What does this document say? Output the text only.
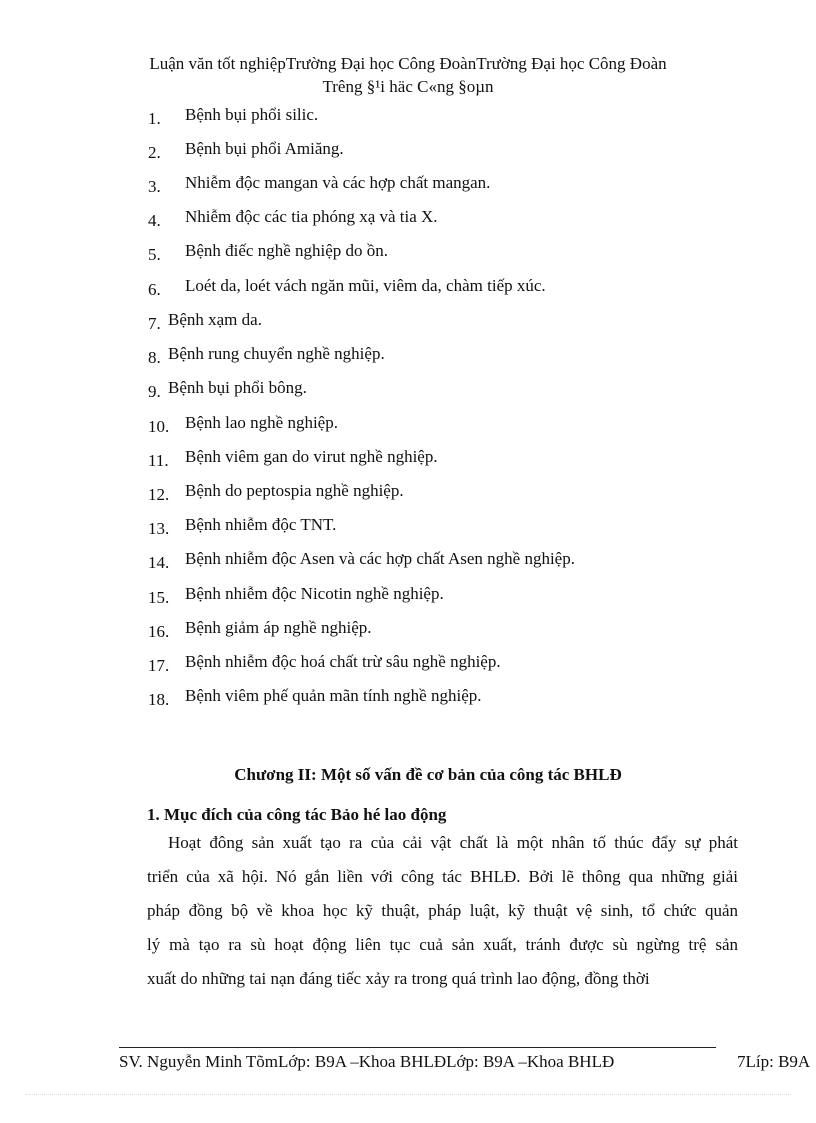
Luận văn tốt nghiệpTrường Đại học Công ĐoànTrường Đại học Công Đoàn
Trêng §¹i häc C«ng §oµn
1. Bệnh bụi phổi silic.
2. Bệnh bụi phổi Amiăng.
3. Nhiễm độc mangan và các hợp chất mangan.
4. Nhiễm độc các tia phóng xạ và tia X.
5. Bệnh điếc nghề nghiệp do ồn.
6. Loét da, loét vách ngăn mũi, viêm da, chàm tiếp xúc.
7. Bệnh xạm da.
8. Bệnh rung chuyển nghề nghiệp.
9. Bệnh bụi phổi bông.
10. Bệnh lao nghề nghiệp.
11. Bệnh viêm gan do virut nghề nghiệp.
12. Bệnh do peptospia nghề nghiệp.
13. Bệnh nhiễm độc TNT.
14. Bệnh nhiễm độc Asen và các hợp chất Asen nghề nghiệp.
15. Bệnh nhiễm độc Nicotin nghề nghiệp.
16. Bệnh giảm áp nghề nghiệp.
17. Bệnh nhiễm độc hoá chất trừ sâu nghề nghiệp.
18. Bệnh viêm phế quản mãn tính nghề nghiệp.
Chương II: Một số vấn đề cơ bản của công tác BHLĐ
1. Mục đích của công tác Bảo hé lao động
Hoạt đông sản xuất tạo ra của cải vật chất là một nhân tố thúc đẩy sự phát
triển của xã hội. Nó gắn liền với công tác BHLĐ. Bởi lẽ thông qua những giải
pháp đồng bộ về khoa học kỹ thuật, pháp luật, kỹ thuật vệ sinh, tổ chức quản
lý mà tạo ra sù hoạt động liên tục cuả sản xuất, tránh được sù ngừng trệ sản
xuất do những tai nạn đáng tiếc xảy ra trong quá trình lao động, đồng thời
SV. Nguyễn Minh TõmLớp: B9A –Khoa BHLĐLớp: B9A –Khoa BHLĐ	7Líp: B9A
